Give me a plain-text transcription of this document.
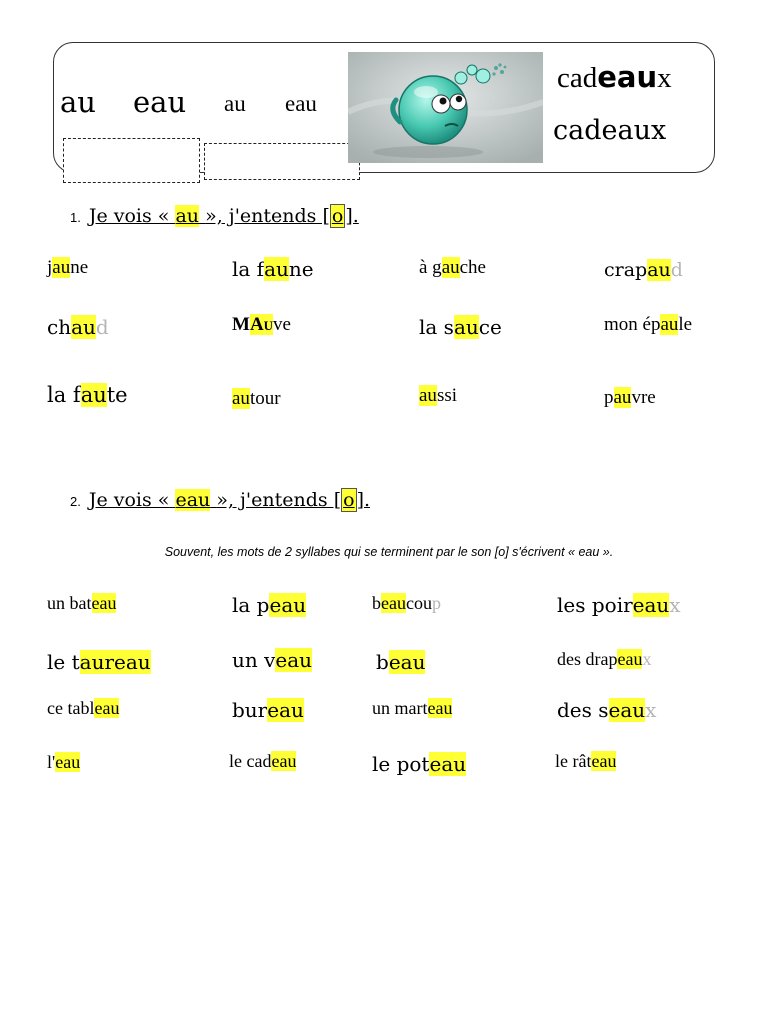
au eau au eau
cadeaux
cadeaux
1. Je vois « au », j'entends [ o ].
jaune	la faune	à gauche	crapaud
chaud	MAuve	la sauce	mon épaule
la faute	autour	aussi	pauvre
2. Je vois « eau », j'entends [ o ].
Souvent, les mots de 2 syllabes qui se terminent par le son [o] s'écrivent « eau ».
un bateau	la peau	beaucoup	les poireaux
le taureau	un veau	beau	des drapeaux
ce tableau	bureau	un marteau	des seaux
l'eau	le cadeau	le poteau	le râteau
